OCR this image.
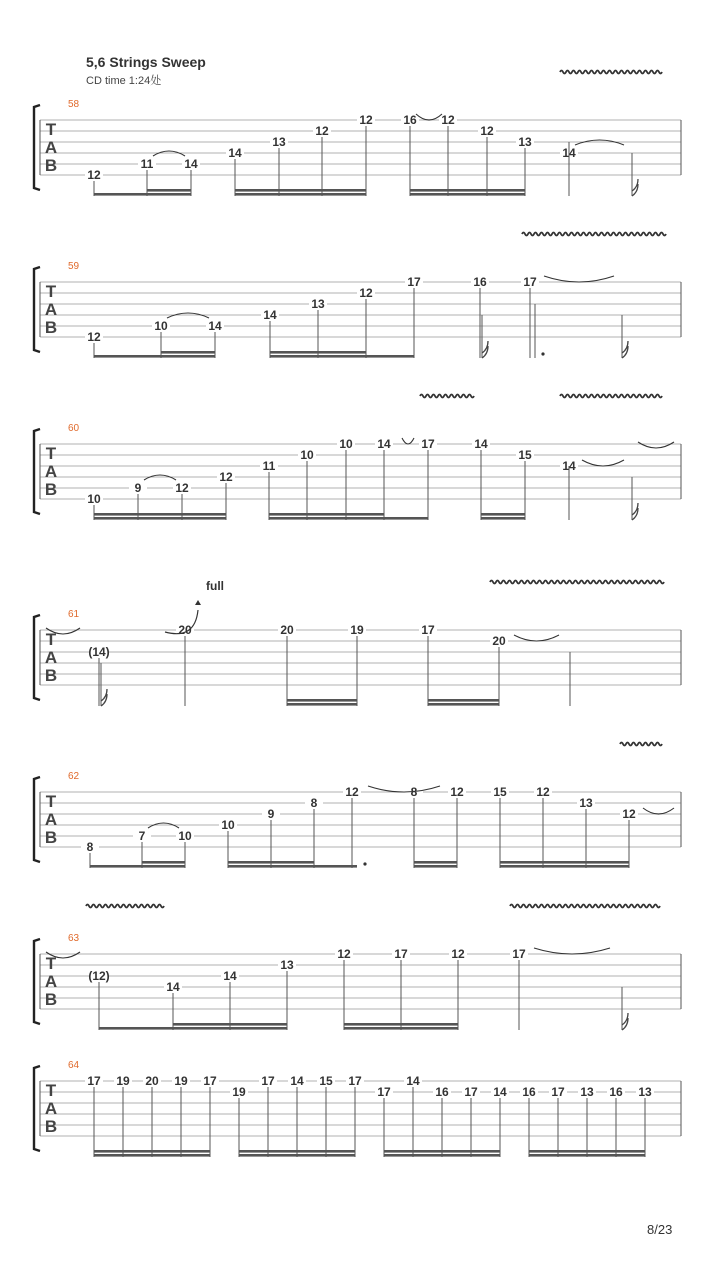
5,6 Strings Sweep
CD time 1:24处
T
A
B
58
12
11	14
14
13
12
12	16 12
12
13
14
T
A
B
59
12
10	14
14
13
12
17	16	17
T
A
B
60
10
9	12
12
11
10
10 14	17	14
15
14
T
A
B
61
(14)
20	20	19	17
20
full
T
A
B
62
8
7	10
10
9
8
12	8	12 15 12
13
12
T
A
B
63
(12)
14
14
13
12	17	12	17
T
A
B
64
17 19 20 19 17
19
17 14 15 17
17
14
16 17 14 16 17 13 16 13
8/23
